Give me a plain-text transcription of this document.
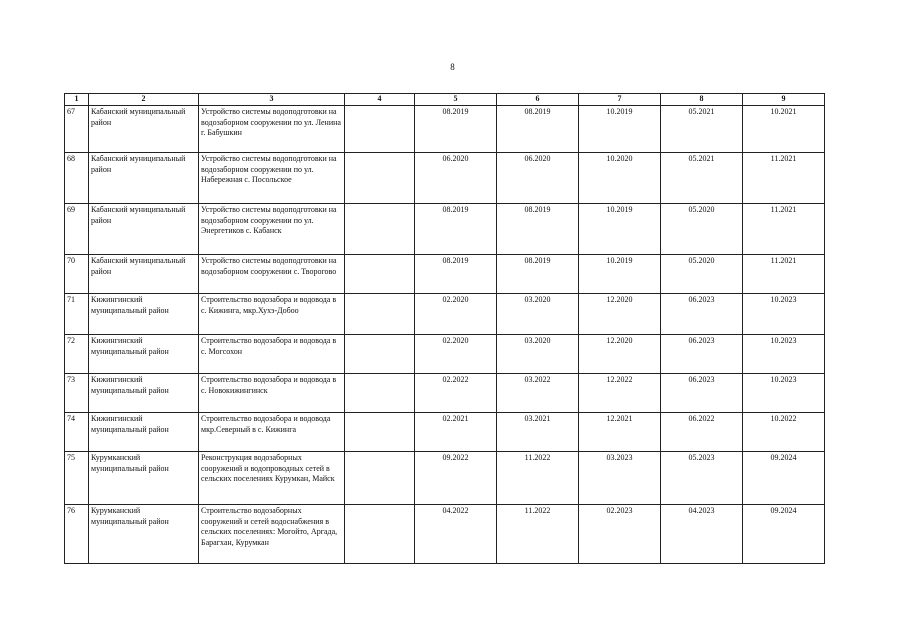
8
1	2	3	4	5	6	7	8	9
67	Кабанский муниципальный район	Устройство системы водоподготовки на водозаборном сооружении по ул. Ленина г. Бабушкин		08.2019	08.2019	10.2019	05.2021	10.2021
68	Кабанский муниципальный район	Устройство системы водоподготовки на водозаборном сооружении по ул. Набережная с. Посольское		06.2020	06.2020	10.2020	05.2021	11.2021
69	Кабанский муниципальный район	Устройство системы водоподготовки на водозаборном сооружении по ул. Энергетиков с. Кабанск		08.2019	08.2019	10.2019	05.2020	11.2021
70	Кабанский муниципальный район	Устройство системы водоподготовки на водозаборном сооружении с. Творогово		08.2019	08.2019	10.2019	05.2020	11.2021
71	Кижингинский муниципальный район	Строительство водозабора и водовода в с. Кижинга, мкр.Хухэ-Добоо		02.2020	03.2020	12.2020	06.2023	10.2023
72	Кижингинский муниципальный район	Строительство водозабора и водовода в с. Могсохон		02.2020	03.2020	12.2020	06.2023	10.2023
73	Кижингинский муниципальный район	Строительство водозабора и водовода в с. Новокижингинск		02.2022	03.2022	12.2022	06.2023	10.2023
74	Кижингинский муниципальный район	Строительство водозабора и водовода мкр.Северный в с. Кижинга		02.2021	03.2021	12.2021	06.2022	10.2022
75	Курумканский муниципальный район	Реконструкция водозаборных сооружений и водопроводных сетей в сельских поселениях Курумкан, Майск		09.2022	11.2022	03.2023	05.2023	09.2024
76	Курумканский муниципальный район	Строительство водозаборных сооружений и сетей водоснабжения в сельских поселениях: Могойто, Аргада, Барагхан, Курумкан		04.2022	11.2022	02.2023	04.2023	09.2024
